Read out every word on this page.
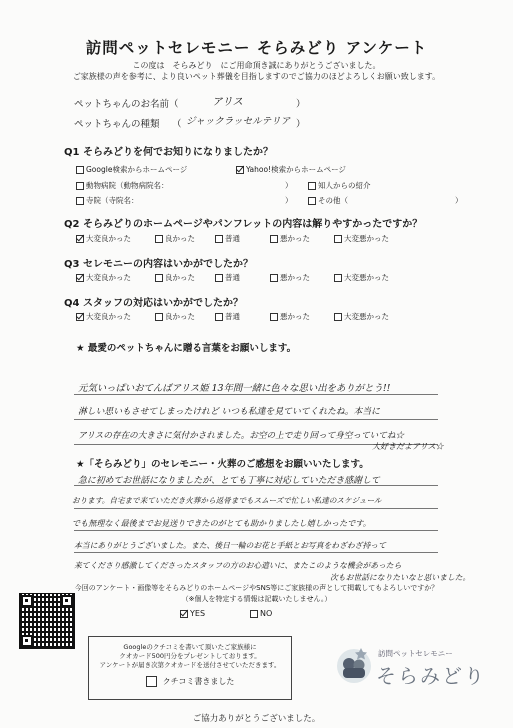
訪問ペットセレモニー そらみどり アンケート
この度は　そらみどり　にご用命頂き誠にありがとうございました。
ご家族様の声を参考に、より良いペット葬儀を目指しますのでご協力のほどよろしくお願い致します。
ペットちゃんのお名前（	アリス	）
ペットちゃんの種類 （ ジャックラッセルテリア ）
Q1 そらみどりを何でお知りになりましたか？
Google検索からホームページ	Yahoo!検索からホームページ
動物病院（動物病院名：	）	知人からの紹介
寺院（寺院名：	）	その他（	）
Q2 そらみどりのホームページやパンフレットの内容は解りやすかったですか？
大変良かった	良かった	普通	悪かった	大変悪かった
Q3 セレモニーの内容はいかがでしたか？
大変良かった	良かった	普通	悪かった	大変悪かった
Q4 スタッフの対応はいかがでしたか？
大変良かった	良かった	普通	悪かった	大変悪かった
★ 最愛のペットちゃんに贈る言葉をお願いします。
元気いっぱいおてんばアリス姫 13年間一緒に色々な思い出をありがとう!!
淋しい思いもさせてしまったけれど いつも私達を見ていてくれたね。本当に
アリスの存在の大きさに気付かされました。お空の上で走り回って身空っていてね☆
大好きだよアリス☆
★「そらみどり」のセレモニー・火葬のご感想をお願いいたします。
急に初めてお世話になりましたが、とても丁寧に対応していただき感謝して
おります。自宅まで来ていただき火葬から返骨までもスムーズで忙しい私達のスケジュール
でも無理なく最後までお見送りできたのがとても助かりましたし嬉しかったです。
本当にありがとうございました。また、後日一輪のお花と手紙とお写真をわざわざ持って
来てくださり感激してくださったスタッフの方のお心遣いに、またこのような機会があったら
次もお世話になりたいなと思いました。
今回のアンケート・画像等をそらみどりのホームページやSNS等にご家族様の声として掲載してもよろしいですか？
（※個人を特定する情報は記載いたしません。）
YES	NO
Googleのクチコミを書いて頂いたご家族様に
クオカード500円分をプレゼントしております。
アンケートが届き次第クオカードを送付させていただきます。
クチコミ書きました
訪問ペットセレモニー
そらみどり
ご協力ありがとうございました。
